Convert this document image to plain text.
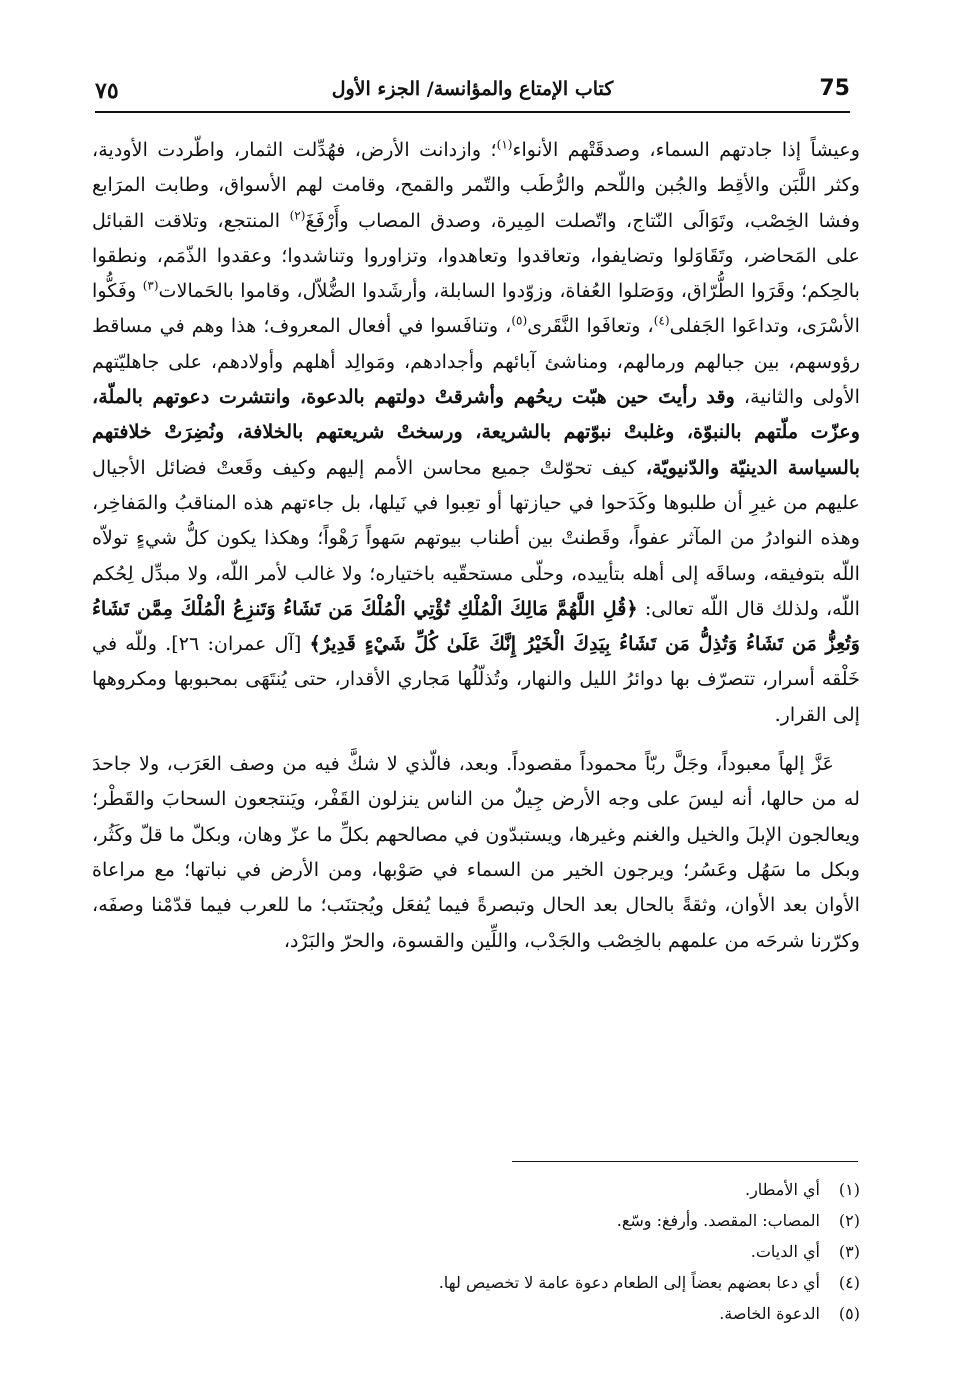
٧٥	كتاب الإمتاع والمؤانسة/ الجزء الأول	75

وعيشاً إذا جادتهم السماء، وصدقَتْهم الأنواء$^{(١)}$؛ وازدانت الأرض، فهُدِّلت الثمار، واطّردت الأودية، وكثر اللَّبَن والأقِط والجُبن واللّحم والرُّطَب والتّمر والقمح، وقامت لهم الأسواق، وطابت المرَابع وفشا الخِصْب، وتَوَالَى النّتاج، واتّصلت المِيرة، وصدق المصاب وأَرْفَغَ$^{(٢)}$ المنتجع، وتلاقت القبائل على المَحاضر، وتَقَاوَلوا وتضايفوا، وتعاقدوا وتعاهدوا، وتزاوروا وتناشدوا؛ وعقدوا الذّمَم، ونطقوا بالحِكم؛ وقَرَوا الطُّرّاق، ووَصَلوا العُفاة، وزوّدوا السابلة، وأرشَدوا الضُّلاّل، وقاموا بالحَمالات$^{(٣)}$ وفَكُّوا الأسْرَى، وتداعَوا الجَفلى$^{(٤)}$، وتعافَوا النَّقَرى$^{(٥)}$، وتنافَسوا في أفعال المعروف؛ هذا وهم في مساقط رؤوسهم، بين جبالهم ورمالهم، ومناشئ آبائهم وأجدادهم، ومَوالِد أهلهم وأولادهم، على جاهليّتهم الأولى والثانية، وقد رأيتَ حين هبّت ريحُهم وأشرقتْ دولتهم بالدعوة، وانتشرت دعوتهم بالملّة، وعزّت ملّتهم بالنبوّة، وغلبتْ نبوّتهم بالشريعة، ورسختْ شريعتهم بالخلافة، ونُضِرَتْ خلافتهم بالسياسة الدينيّة والدّنيويّة، كيف تحوّلتْ جميع محاسن الأمم إليهم وكيف وقَعتْ فضائل الأجيال عليهم من غيرِ أن طلبوها وكَدَحوا في حيازتها أو تعِبوا في نَيلها، بل جاءتهم هذه المناقبُ والمَفاخِر، وهذه النوادرُ من المآثر عفواً، وقَطنتْ بين أطناب بيوتهم سَهواً رَهْواً؛ وهكذا يكون كلُّ شيءٍ تولاّه اللّه بتوفيقه، وساقَه إلى أهله بتأييده، وحلّى مستحقّيه باختياره؛ ولا غالب لأمر اللّه، ولا مبدِّل لِحُكم اللّه، ولذلك قال اللّه تعالى: ﴿قُلِ اللَّهُمَّ مَالِكَ الْمُلْكِ تُؤْتِي الْمُلْكَ مَن تَشَاءُ وَتَنزِعُ الْمُلْكَ مِمَّن تَشَاءُ وَتُعِزُّ مَن تَشَاءُ وَتُذِلُّ مَن تَشَاءُ بِيَدِكَ الْخَيْرُ إِنَّكَ عَلَىٰ كُلِّ شَيْءٍ قَدِيرٌ﴾ [آل عمران: ٢٦]. وللّه في خَلْقه أسرار، تتصرّف بها دوائرُ الليل والنهار، وتُذلّلُها مَجاري الأقدار، حتى يُنتَهَى بمحبوبها ومكروهها إلى القرار.

عَزَّ إلهاً معبوداً، وجَلَّ ربّاً محموداً مقصوداً. وبعد، فالّذي لا شكَّ فيه من وصف العَرَب، ولا جاحدَ له من حالها، أنه ليسَ على وجه الأرض جِيلٌ من الناس ينزلون القَفْر، ويَنتجعون السحابَ والقَطْر؛ ويعالجون الإبلَ والخيل والغنم وغيرها، ويستبدّون في مصالحهم بكلِّ ما عزّ وهان، وبكلّ ما قلّ وكَثُر، وبكل ما سَهُل وعَسُر؛ ويرجون الخير من السماء في صَوْبها، ومن الأرض في نباتها؛ مع مراعاة الأوان بعد الأوان، وثقةً بالحال بعد الحال وتبصرةً فيما يُفعَل ويُجتنَب؛ ما للعرب فيما قدّمْنا وصفَه، وكرّرنا شرحَه من علمهم بالخِصْب والجَدْب، واللِّين والقسوة، والحرّ والبَرْد،

(١)أي الأمطار.
(٢)المصاب: المقصد. وأرفغ: وسّع.
(٣)أي الديات.
(٤)أي دعا بعضهم بعضاً إلى الطعام دعوة عامة لا تخصيص لها.
(٥)الدعوة الخاصة.
